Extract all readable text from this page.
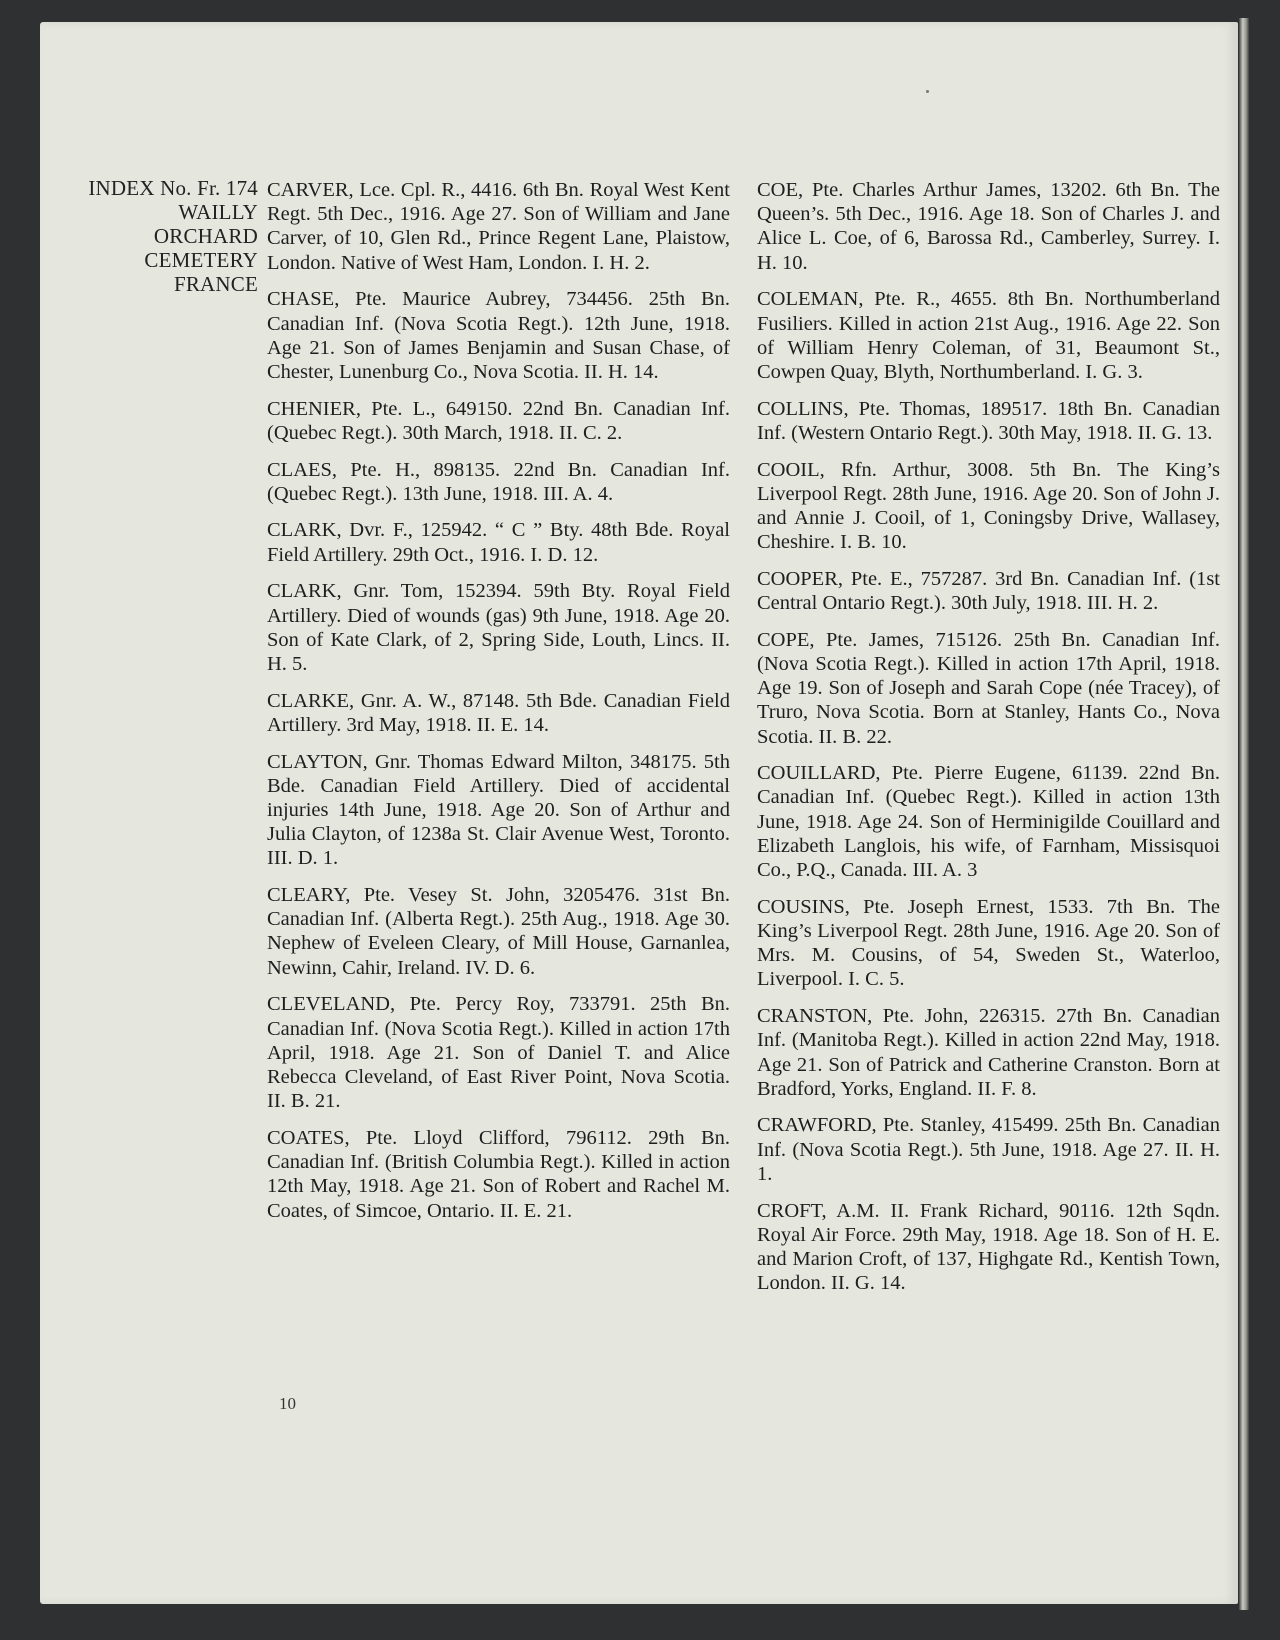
INDEX No. Fr. 174
WAILLY
ORCHARD
CEMETERY
FRANCE

CARVER, Lce. Cpl. R., 4416. 6th Bn. Royal West Kent Regt. 5th Dec., 1916. Age 27. Son of William and Jane Carver, of 10, Glen Rd., Prince Regent Lane, Plaistow, London. Native of West Ham, London. I. H. 2.

CHASE, Pte. Maurice Aubrey, 734456. 25th Bn. Canadian Inf. (Nova Scotia Regt.). 12th June, 1918. Age 21. Son of James Benjamin and Susan Chase, of Chester, Lunenburg Co., Nova Scotia. II. H. 14.

CHENIER, Pte. L., 649150. 22nd Bn. Canadian Inf. (Quebec Regt.). 30th March, 1918. II. C. 2.

CLAES, Pte. H., 898135. 22nd Bn. Canadian Inf. (Quebec Regt.). 13th June, 1918. III. A. 4.

CLARK, Dvr. F., 125942. “ C ” Bty. 48th Bde. Royal Field Artillery. 29th Oct., 1916. I. D. 12.

CLARK, Gnr. Tom, 152394. 59th Bty. Royal Field Artillery. Died of wounds (gas) 9th June, 1918. Age 20. Son of Kate Clark, of 2, Spring Side, Louth, Lincs. II. H. 5.

CLARKE, Gnr. A. W., 87148. 5th Bde. Canadian Field Artillery. 3rd May, 1918. II. E. 14.

CLAYTON, Gnr. Thomas Edward Milton, 348175. 5th Bde. Canadian Field Artillery. Died of accidental injuries 14th June, 1918. Age 20. Son of Arthur and Julia Clayton, of 1238a St. Clair Avenue West, Toronto. III. D. 1.

CLEARY, Pte. Vesey St. John, 3205476. 31st Bn. Canadian Inf. (Alberta Regt.). 25th Aug., 1918. Age 30. Nephew of Eveleen Cleary, of Mill House, Garnanlea, Newinn, Cahir, Ireland. IV. D. 6.

CLEVELAND, Pte. Percy Roy, 733791. 25th Bn. Canadian Inf. (Nova Scotia Regt.). Killed in action 17th April, 1918. Age 21. Son of Daniel T. and Alice Rebecca Cleveland, of East River Point, Nova Scotia. II. B. 21.

COATES, Pte. Lloyd Clifford, 796112. 29th Bn. Canadian Inf. (British Columbia Regt.). Killed in action 12th May, 1918. Age 21. Son of Robert and Rachel M. Coates, of Simcoe, Ontario. II. E. 21.

COE, Pte. Charles Arthur James, 13202. 6th Bn. The Queen’s. 5th Dec., 1916. Age 18. Son of Charles J. and Alice L. Coe, of 6, Barossa Rd., Camberley, Surrey. I. H. 10.

COLEMAN, Pte. R., 4655. 8th Bn. Northumberland Fusiliers. Killed in action 21st Aug., 1916. Age 22. Son of William Henry Coleman, of 31, Beaumont St., Cowpen Quay, Blyth, Northumberland. I. G. 3.

COLLINS, Pte. Thomas, 189517. 18th Bn. Canadian Inf. (Western Ontario Regt.). 30th May, 1918. II. G. 13.

COOIL, Rfn. Arthur, 3008. 5th Bn. The King’s Liverpool Regt. 28th June, 1916. Age 20. Son of John J. and Annie J. Cooil, of 1, Coningsby Drive, Wallasey, Cheshire. I. B. 10.

COOPER, Pte. E., 757287. 3rd Bn. Canadian Inf. (1st Central Ontario Regt.). 30th July, 1918. III. H. 2.

COPE, Pte. James, 715126. 25th Bn. Canadian Inf. (Nova Scotia Regt.). Killed in action 17th April, 1918. Age 19. Son of Joseph and Sarah Cope (née Tracey), of Truro, Nova Scotia. Born at Stanley, Hants Co., Nova Scotia. II. B. 22.

COUILLARD, Pte. Pierre Eugene, 61139. 22nd Bn. Canadian Inf. (Quebec Regt.). Killed in action 13th June, 1918. Age 24. Son of Herminigilde Couillard and Elizabeth Langlois, his wife, of Farnham, Missisquoi Co., P.Q., Canada. III. A. 3

COUSINS, Pte. Joseph Ernest, 1533. 7th Bn. The King’s Liverpool Regt. 28th June, 1916. Age 20. Son of Mrs. M. Cousins, of 54, Sweden St., Waterloo, Liverpool. I. C. 5.

CRANSTON, Pte. John, 226315. 27th Bn. Canadian Inf. (Manitoba Regt.). Killed in action 22nd May, 1918. Age 21. Son of Patrick and Catherine Cranston. Born at Bradford, Yorks, England. II. F. 8.

CRAWFORD, Pte. Stanley, 415499. 25th Bn. Canadian Inf. (Nova Scotia Regt.). 5th June, 1918. Age 27. II. H. 1.

CROFT, A.M. II. Frank Richard, 90116. 12th Sqdn. Royal Air Force. 29th May, 1918. Age 18. Son of H. E. and Marion Croft, of 137, Highgate Rd., Kentish Town, London. II. G. 14.

10
